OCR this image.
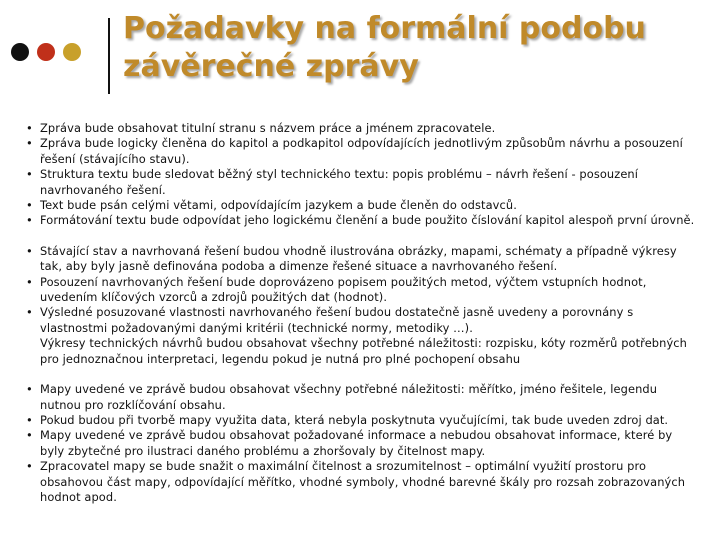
Požadavky na formální podobu
závěrečné zprávy
• Zpráva bude obsahovat titulní stranu s názvem práce a jménem zpracovatele.
• Zpráva bude logicky členěna do kapitol a podkapitol odpovídajících jednotlivým způsobům návrhu a posouzení řešení (stávajícího stavu).
• Struktura textu bude sledovat běžný styl technického textu: popis problému – návrh řešení - posouzení navrhovaného řešení.
• Text bude psán celými větami, odpovídajícím jazykem a bude členěn do odstavců.
• Formátování textu bude odpovídat jeho logickému členění a bude použito číslování kapitol alespoň první úrovně.
• Stávající stav a navrhovaná řešení budou vhodně ilustrována obrázky, mapami, schématy a případně výkresy tak, aby byly jasně definována podoba a dimenze řešené situace a navrhovaného řešení.
• Posouzení navrhovaných řešení bude doprovázeno popisem použitých metod, výčtem vstupních hodnot, uvedením klíčových vzorců a zdrojů použitých dat (hodnot).
• Výsledné posuzované vlastnosti navrhovaného řešení budou dostatečně jasně uvedeny a porovnány s vlastnostmi požadovanými danými kritérii (technické normy, metodiky …).
Výkresy technických návrhů budou obsahovat všechny potřebné náležitosti: rozpisku, kóty rozměrů potřebných pro jednoznačnou interpretaci, legendu pokud je nutná pro plné pochopení obsahu
• Mapy uvedené ve zprávě budou obsahovat všechny potřebné náležitosti: měřítko, jméno řešitele, legendu nutnou pro rozklíčování obsahu.
• Pokud budou při tvorbě mapy využita data, která nebyla poskytnuta vyučujícími, tak bude uveden zdroj dat.
• Mapy uvedené ve zprávě budou obsahovat požadované informace a nebudou obsahovat informace, které by byly zbytečné pro ilustraci daného problému a zhoršovaly by čitelnost mapy.
• Zpracovatel mapy se bude snažit o maximální čitelnost a srozumitelnost – optimální využití prostoru pro obsahovou část mapy, odpovídající měřítko, vhodné symboly, vhodné barevné škály pro rozsah zobrazovaných hodnot apod.
